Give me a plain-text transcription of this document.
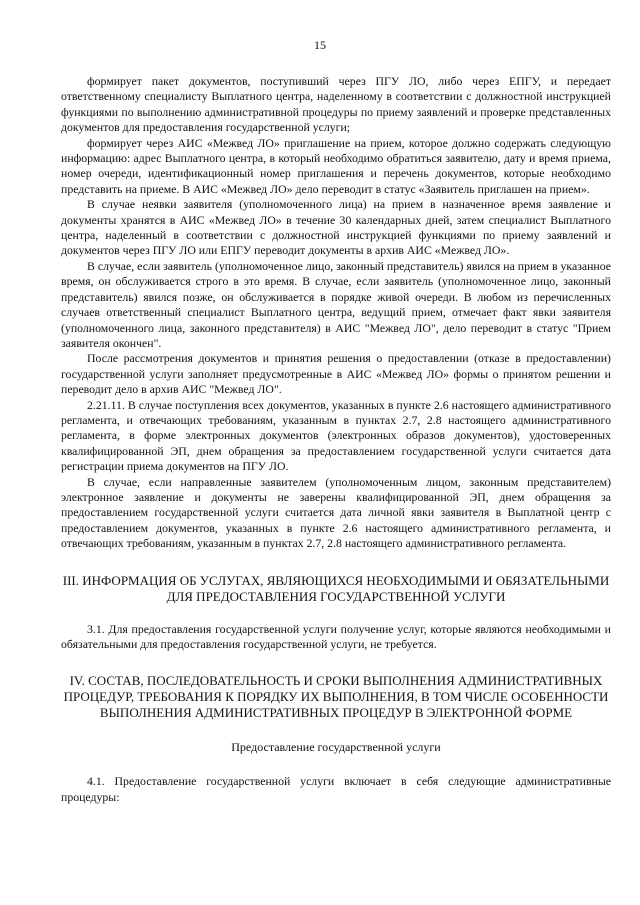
15

формирует пакет документов, поступивший через ПГУ ЛО, либо через ЕПГУ, и передает ответственному специалисту Выплатного центра, наделенному в соответствии с должностной инструкцией функциями по выполнению административной процедуры по приему заявлений и проверке представленных документов для предоставления государственной услуги;

формирует через АИС «Межвед ЛО» приглашение на прием, которое должно содержать следующую информацию: адрес Выплатного центра, в который необходимо обратиться заявителю, дату и время приема, номер очереди, идентификационный номер приглашения и перечень документов, которые необходимо представить на приеме. В АИС «Межвед ЛО» дело переводит в статус «Заявитель приглашен на прием».

В случае неявки заявителя (уполномоченного лица) на прием в назначенное время заявление и документы хранятся в АИС «Межвед ЛО» в течение 30 календарных дней, затем специалист Выплатного центра, наделенный в соответствии с должностной инструкцией функциями по приему заявлений и документов через ПГУ ЛО или ЕПГУ переводит документы в архив АИС «Межвед ЛО».

В случае, если заявитель (уполномоченное лицо, законный представитель) явился на прием в указанное время, он обслуживается строго в это время. В случае, если заявитель (уполномоченное лицо, законный представитель) явился позже, он обслуживается в порядке живой очереди. В любом из перечисленных случаев ответственный специалист Выплатного центра, ведущий прием, отмечает факт явки заявителя (уполномоченного лица, законного представителя) в АИС "Межвед ЛО", дело переводит в статус "Прием заявителя окончен".

После рассмотрения документов и принятия решения о предоставлении (отказе в предоставлении) государственной услуги заполняет предусмотренные в АИС «Межвед ЛО» формы о принятом решении и переводит дело в архив АИС "Межвед ЛО".

2.21.11. В случае поступления всех документов, указанных в пункте 2.6 настоящего административного регламента, и отвечающих требованиям, указанным в пунктах 2.7, 2.8 настоящего административного регламента, в форме электронных документов (электронных образов документов), удостоверенных квалифицированной ЭП, днем обращения за предоставлением государственной услуги считается дата регистрации приема документов на ПГУ ЛО.

В случае, если направленные заявителем (уполномоченным лицом, законным представителем) электронное заявление и документы не заверены квалифицированной ЭП, днем обращения за предоставлением государственной услуги считается дата личной явки заявителя в Выплатной центр с предоставлением документов, указанных в пункте 2.6 настоящего административного регламента, и отвечающих требованиям, указанным в пунктах 2.7, 2.8 настоящего административного регламента.

III. ИНФОРМАЦИЯ ОБ УСЛУГАХ, ЯВЛЯЮЩИХСЯ НЕОБХОДИМЫМИ И ОБЯЗАТЕЛЬНЫМИ ДЛЯ ПРЕДОСТАВЛЕНИЯ ГОСУДАРСТВЕННОЙ УСЛУГИ

3.1. Для предоставления государственной услуги получение услуг, которые являются необходимыми и обязательными для предоставления государственной услуги, не требуется.

IV. СОСТАВ, ПОСЛЕДОВАТЕЛЬНОСТЬ И СРОКИ ВЫПОЛНЕНИЯ АДМИНИСТРАТИВНЫХ ПРОЦЕДУР, ТРЕБОВАНИЯ К ПОРЯДКУ ИХ ВЫПОЛНЕНИЯ, В ТОМ ЧИСЛЕ ОСОБЕННОСТИ ВЫПОЛНЕНИЯ АДМИНИСТРАТИВНЫХ ПРОЦЕДУР В ЭЛЕКТРОННОЙ ФОРМЕ
Предоставление государственной услуги

4.1. Предоставление государственной услуги включает в себя следующие административные процедуры:
